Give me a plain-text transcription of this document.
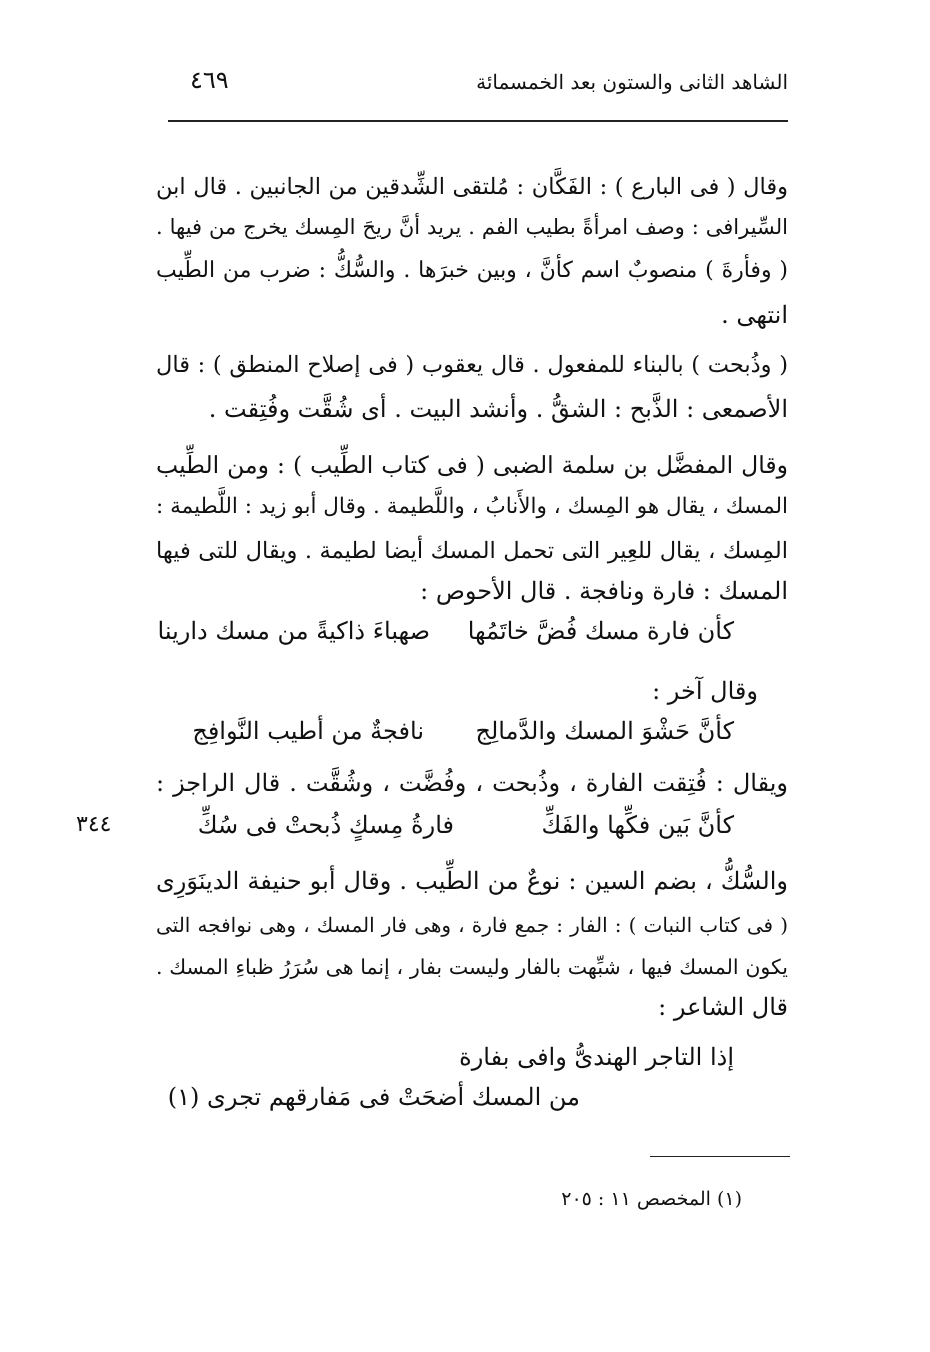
الشاهد الثانى والستون بعد الخمسمائة
٤٦٩
وقال ( فى البارع ) : الفَكَّان : مُلتقى الشِّدقين من الجانبين . قال ابن
السِّيرافى : وصف امرأةً بطيب الفم . يريد أنَّ ريحَ المِسك يخرج من فيها .
( وفأرةَ ) منصوبٌ اسم كأنَّ ، وبين خبرَها . والسُّكُّ : ضرب من الطِّيب
انتهى .
( وذُبحت ) بالبناء للمفعول . قال يعقوب ( فى إصلاح المنطق ) : قال
الأصمعى : الذَّبح : الشقُّ . وأنشد البيت . أى شُقَّت وفُتِقت .
وقال المفضَّل بن سلمة الضبى ( فى كتاب الطِّيب ) : ومن الطِّيب
المسك ، يقال هو المِسك ، والأَنابُ ، واللَّطيمة . وقال أبو زيد : اللَّطيمة :
المِسك ، يقال للعِير التى تحمل المسك أيضا لطيمة . ويقال للتى فيها
المسك : فارة ونافجة . قال الأحوص :
كأن فارة مسك فُضَّ خاتَمُها
صهباءَ ذاكيةً من مسك دارينا
وقال آخر :
كأنَّ حَشْوَ المسك والدَّمالِج
نافجةٌ من أطيب النَّوافِج
ويقال : فُتِقت الفارة ، وذُبحت ، وفُضَّت ، وشُقَّت . قال الراجز :
كأنَّ بَين فكِّها والفَكِّ
فارةُ مِسكٍ ذُبحتْ فى سُكِّ
٣٤٤
والسُّكُّ ، بضم السين : نوعٌ من الطِّيب . وقال أبو حنيفة الدينَوَرِى
( فى كتاب النبات ) : الفار : جمع فارة ، وهى فار المسك ، وهى نوافجه التى
يكون المسك فيها ، شبِّهت بالفار وليست بفار ، إنما هى سُرَرُ ظباءِ المسك .
قال الشاعر :
إذا التاجر الهندىُّ وافى بفارة
من المسك أضحَتْ فى مَفارقهم تجرى (١)
(١) المخصص ١١ : ٢٠٥
